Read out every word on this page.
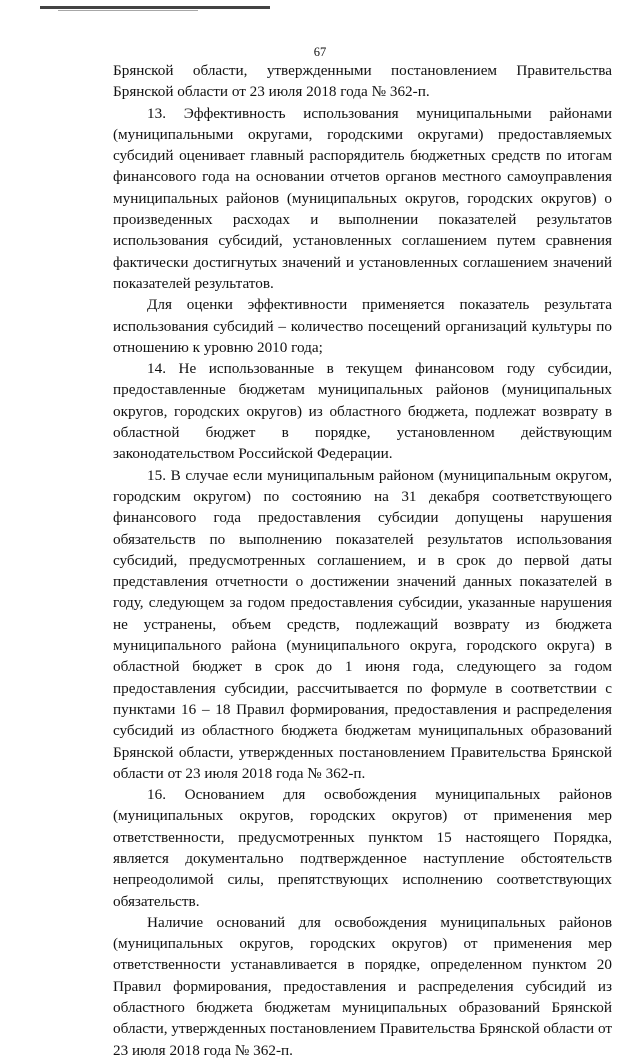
67

Брянской области, утвержденными постановлением Правительства Брянской области от 23 июля 2018 года № 362-п.

13. Эффективность использования муниципальными районами (муниципальными округами, городскими округами) предоставляемых субсидий оценивает главный распорядитель бюджетных средств по итогам финансового года на основании отчетов органов местного самоуправления муниципальных районов (муниципальных округов, городских округов) о произведенных расходах и выполнении показателей результатов использования субсидий, установленных соглашением путем сравнения фактически достигнутых значений и установленных соглашением значений показателей результатов.

Для оценки эффективности применяется показатель результата использования субсидий – количество посещений организаций культуры по отношению к уровню 2010 года;

14. Не использованные в текущем финансовом году субсидии, предоставленные бюджетам муниципальных районов (муниципальных округов, городских округов) из областного бюджета, подлежат возврату в областной бюджет в порядке, установленном действующим законодательством Российской Федерации.

15. В случае если муниципальным районом (муниципальным округом, городским округом) по состоянию на 31 декабря соответствующего финансового года предоставления субсидии допущены нарушения обязательств по выполнению показателей результатов использования субсидий, предусмотренных соглашением, и в срок до первой даты представления отчетности о достижении значений данных показателей в году, следующем за годом предоставления субсидии, указанные нарушения не устранены, объем средств, подлежащий возврату из бюджета муниципального района (муниципального округа, городского округа) в областной бюджет в срок до 1 июня года, следующего за годом предоставления субсидии, рассчитывается по формуле в соответствии с пунктами 16 – 18 Правил формирования, предоставления и распределения субсидий из областного бюджета бюджетам муниципальных образований Брянской области, утвержденных постановлением Правительства Брянской области от 23 июля 2018 года № 362-п.

16. Основанием для освобождения муниципальных районов (муниципальных округов, городских округов) от применения мер ответственности, предусмотренных пунктом 15 настоящего Порядка, является документально подтвержденное наступление обстоятельств непреодолимой силы, препятствующих исполнению соответствующих обязательств.

Наличие оснований для освобождения муниципальных районов (муниципальных округов, городских округов) от применения мер ответственности устанавливается в порядке, определенном пунктом 20 Правил формирования, предоставления и распределения субсидий из областного бюджета бюджетам муниципальных образований Брянской области, утвержденных постановлением Правительства Брянской области от 23 июля 2018 года № 362-п.
